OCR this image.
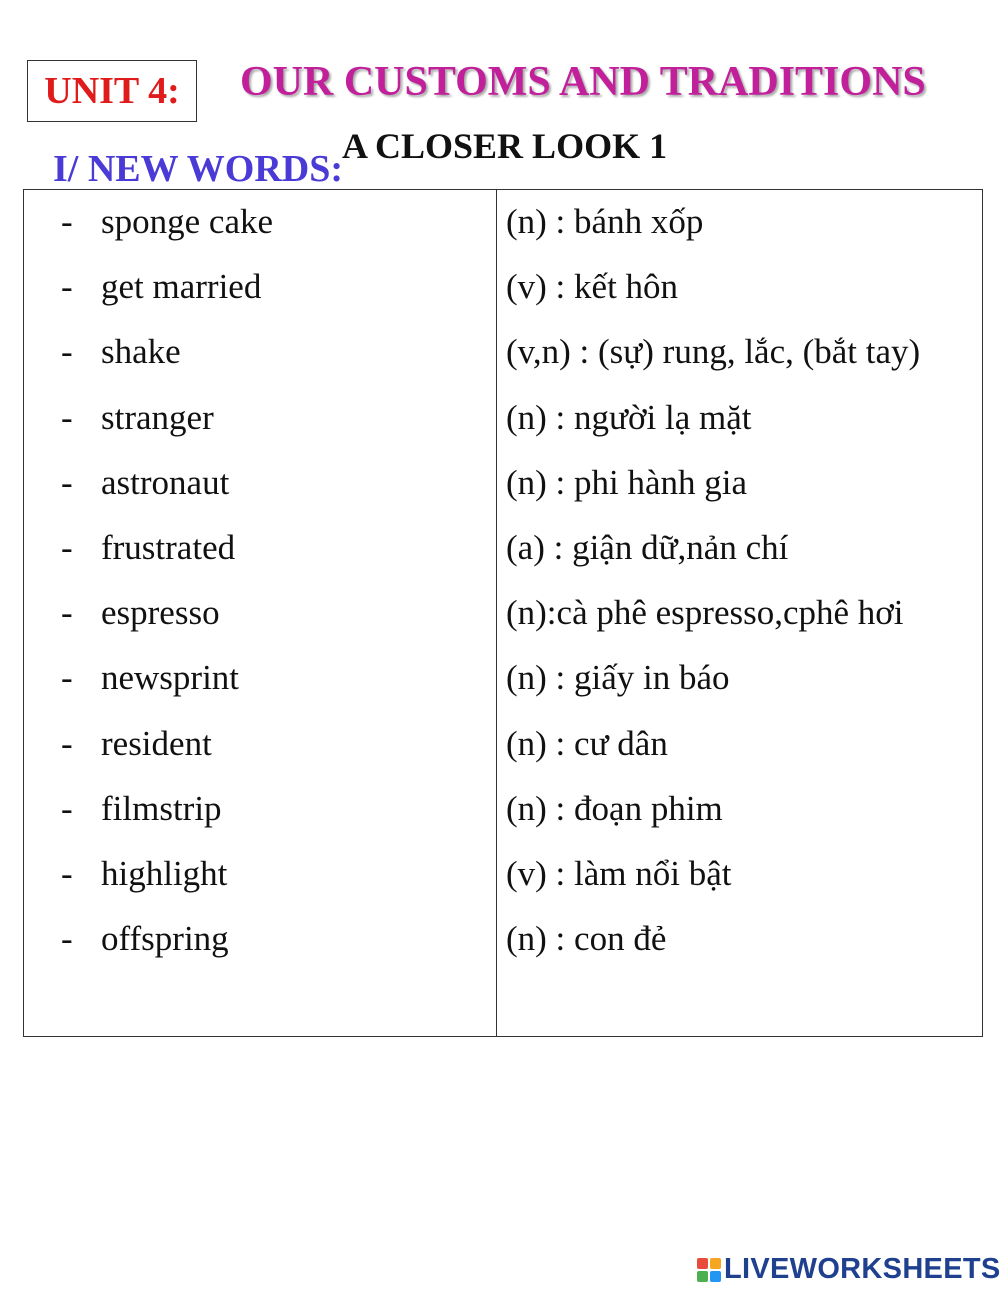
UNIT 4: OUR CUSTOMS AND TRADITIONS
A CLOSER LOOK 1
I/ NEW WORDS:
- sponge cake	(n) : bánh xốp
- get married	(v) : kết hôn
- shake	(v,n) : (sự) rung, lắc, (bắt tay)
- stranger	(n) : người lạ mặt
- astronaut	(n) : phi hành gia
- frustrated	(a) : giận dữ,nản chí
- espresso	(n):cà phê espresso,cphê hơi
- newsprint	(n) : giấy in báo
- resident	(n) : cư dân
- filmstrip	(n) : đoạn phim
- highlight	(v) : làm nổi bật
- offspring	(n) : con đẻ
LIVEWORKSHEETS
